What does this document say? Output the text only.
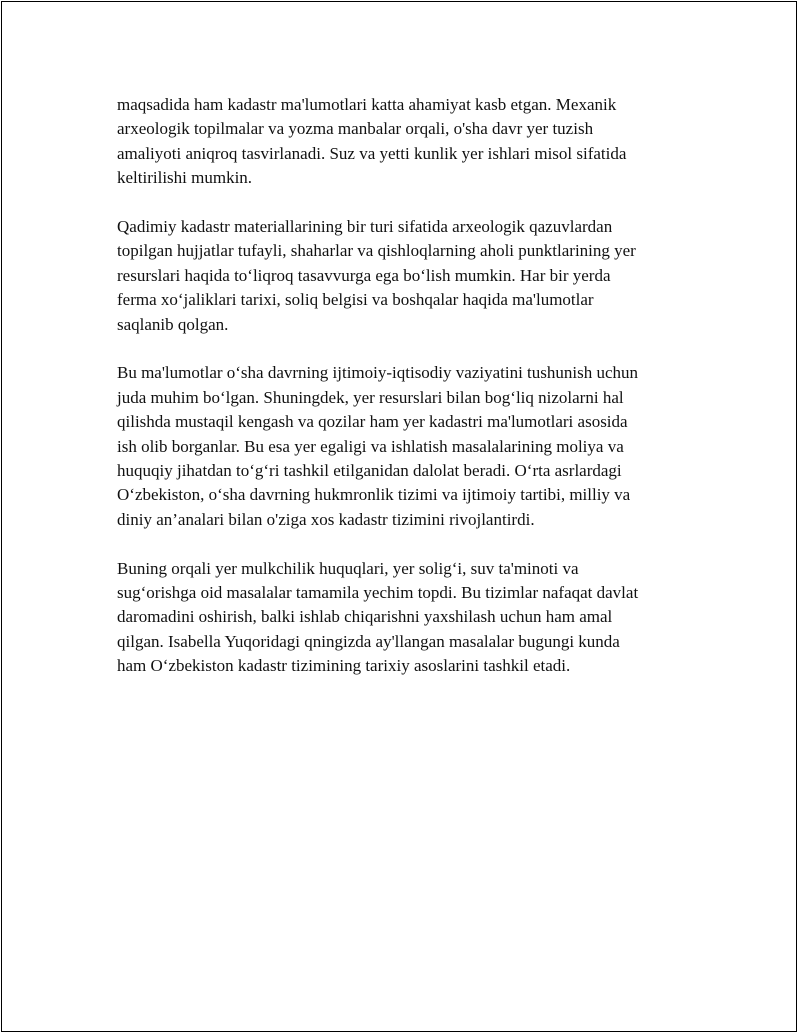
maqsadida ham kadastr ma'lumotlari katta ahamiyat kasb etgan. Mexanik
arxeologik topilmalar va yozma manbalar orqali, o'sha davr yer tuzish
amaliyoti aniqroq tasvirlanadi. Suz va yetti kunlik yer ishlari misol sifatida
keltirilishi mumkin.

Qadimiy kadastr materiallarining bir turi sifatida arxeologik qazuvlardan
topilgan hujjatlar tufayli, shaharlar va qishloqlarning aholi punktlarining yer
resurslari haqida to‘liqroq tasavvurga ega bo‘lish mumkin. Har bir yerda
ferma xo‘jaliklari tarixi, soliq belgisi va boshqalar haqida ma'lumotlar
saqlanib qolgan.

Bu ma'lumotlar o‘sha davrning ijtimoiy-iqtisodiy vaziyatini tushunish uchun
juda muhim bo‘lgan. Shuningdek, yer resurslari bilan bog‘liq nizolarni hal
qilishda mustaqil kengash va qozilar ham yer kadastri ma'lumotlari asosida
ish olib borganlar. Bu esa yer egaligi va ishlatish masalalarining moliya va
huquqiy jihatdan to‘g‘ri tashkil etilganidan dalolat beradi. O‘rta asrlardagi
O‘zbekiston, o‘sha davrning hukmronlik tizimi va ijtimoiy tartibi, milliy va
diniy an’analari bilan o'ziga xos kadastr tizimini rivojlantirdi.

Buning orqali yer mulkchilik huquqlari, yer solig‘i, suv ta'minoti va
sug‘orishga oid masalalar tamamila yechim topdi. Bu tizimlar nafaqat davlat
daromadini oshirish, balki ishlab chiqarishni yaxshilash uchun ham amal
qilgan. Isabella Yuqoridagi qningizda ay'llangan masalalar bugungi kunda
ham O‘zbekiston kadastr tizimining tarixiy asoslarini tashkil etadi.
